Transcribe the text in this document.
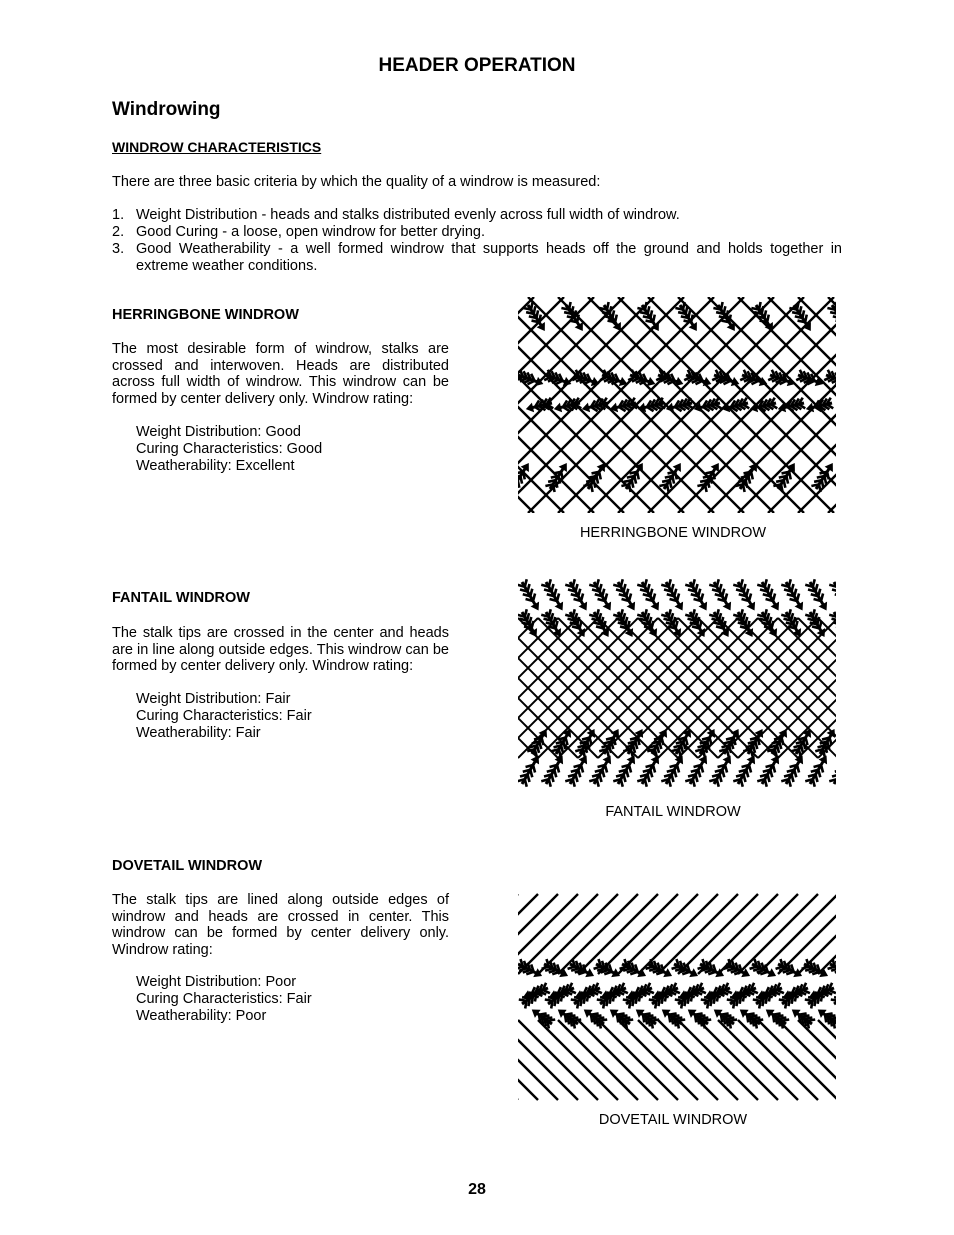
HEADER OPERATION
Windrowing
WINDROW CHARACTERISTICS
There are three basic criteria by which the quality of a windrow is measured:
1. Weight Distribution - heads and stalks distributed evenly across full width of windrow.
2. Good Curing - a loose, open windrow for better drying.
3. Good Weatherability - a well formed windrow that supports heads off the ground and holds together in extreme weather conditions.
HERRINGBONE WINDROW
The most desirable form of windrow, stalks are crossed and interwoven. Heads are distributed across full width of windrow. This windrow can be formed by center delivery only. Windrow rating:
Weight Distribution: Good
Curing Characteristics: Good
Weatherability: Excellent
HERRINGBONE WINDROW
FANTAIL WINDROW
The stalk tips are crossed in the center and heads are in line along outside edges. This windrow can be formed by center delivery only. Windrow rating:
Weight Distribution: Fair
Curing Characteristics: Fair
Weatherability: Fair
FANTAIL WINDROW
DOVETAIL WINDROW
The stalk tips are lined along outside edges of windrow and heads are crossed in center. This windrow can be formed by center delivery only. Windrow rating:
Weight Distribution: Poor
Curing Characteristics: Fair
Weatherability: Poor
DOVETAIL WINDROW
28
